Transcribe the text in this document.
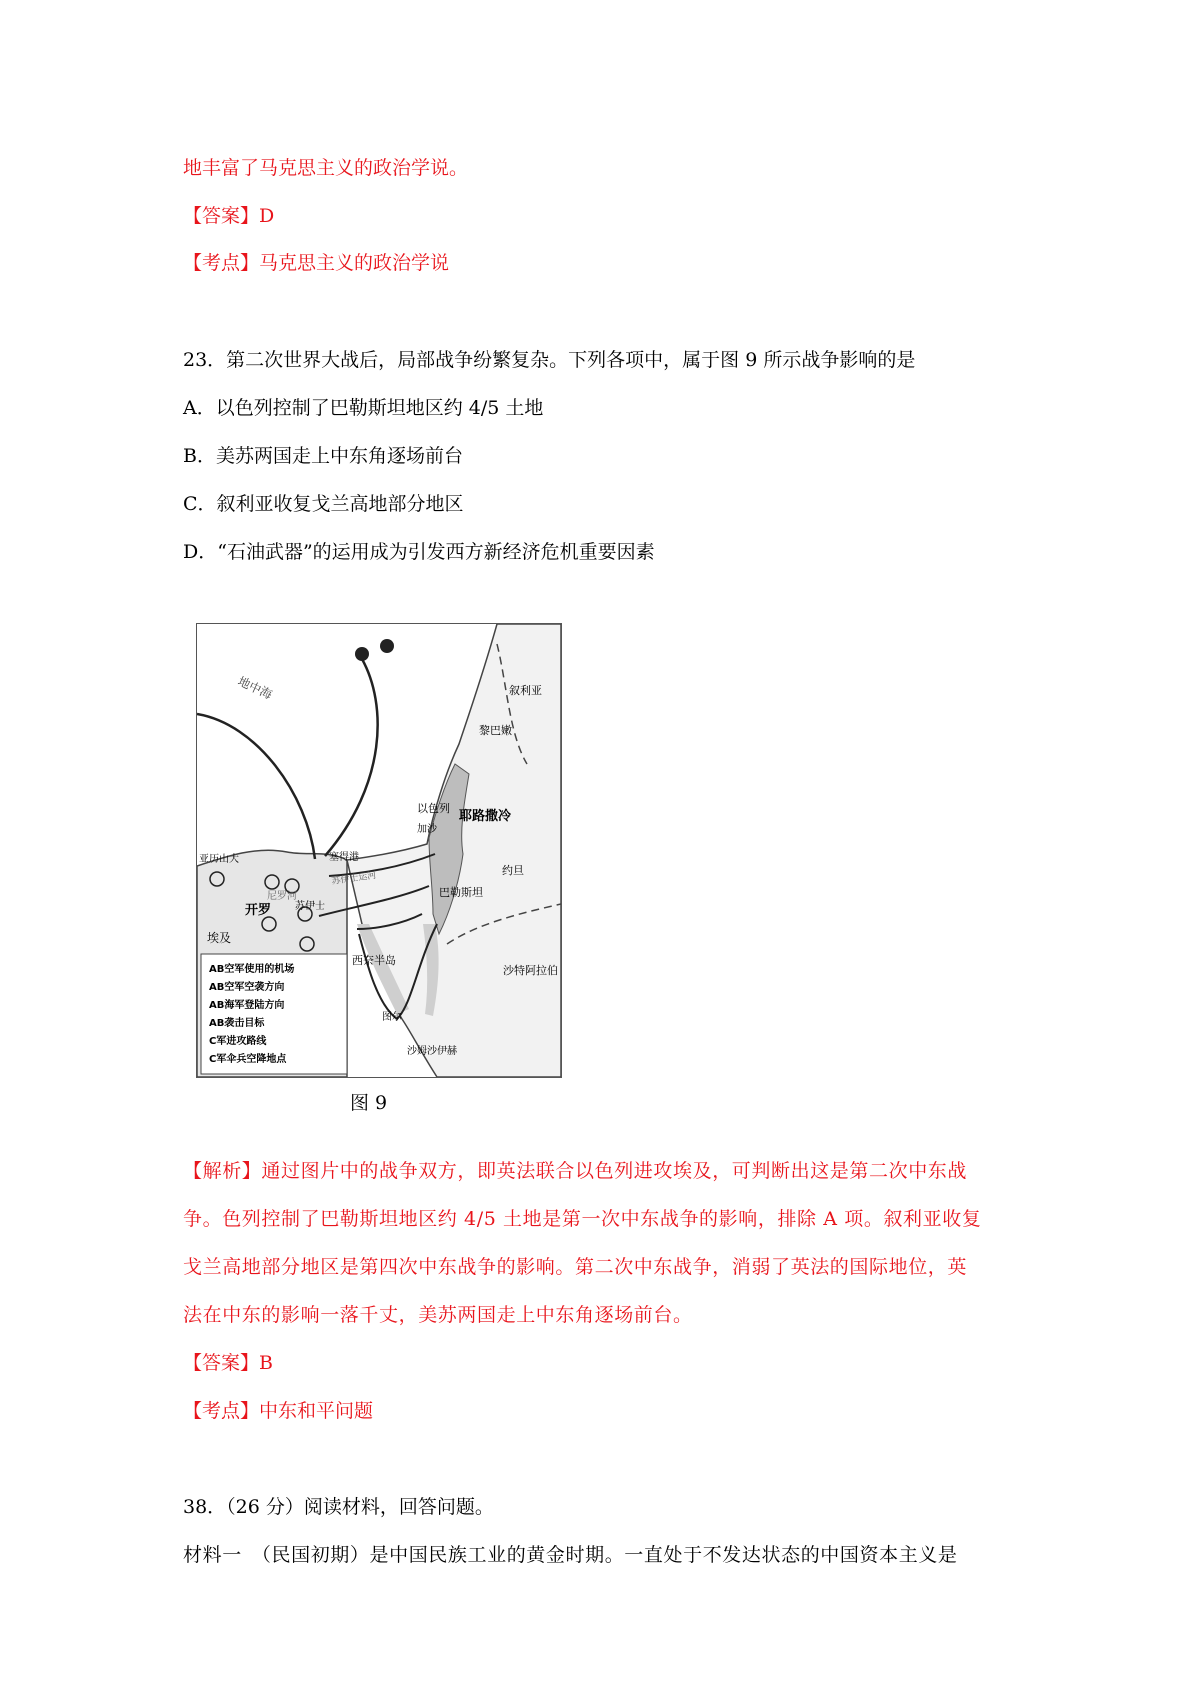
地丰富了马克思主义的政治学说。
【答案】D
【考点】马克思主义的政治学说
23．第二次世界大战后，局部战争纷繁复杂。下列各项中，属于图 9 所示战争影响的是
A．以色列控制了巴勒斯坦地区约 4/5 土地
B．美苏两国走上中东角逐场前台
C．叙利亚收复戈兰高地部分地区
D．“石油武器”的运用成为引发西方新经济危机重要因素
地中海
亚历山大	塞得港
开罗 苏伊士
加沙
耶路撒冷
苏伊士运河
图尔
沙姆沙伊赫
约旦
叙利亚
黎巴嫩
沙特阿拉伯
以色列
巴勒斯坦
埃及
西奈半岛
尼罗河
AB空军使用的机场
AB空军空袭方向
AB海军登陆方向
AB袭击目标
C军进攻路线
C军伞兵空降地点
图 9
【解析】通过图片中的战争双方，即英法联合以色列进攻埃及，可判断出这是第二次中东战
争。色列控制了巴勒斯坦地区约 4/5 土地是第一次中东战争的影响，排除 A 项。叙利亚收复
戈兰高地部分地区是第四次中东战争的影响。第二次中东战争，消弱了英法的国际地位，英
法在中东的影响一落千丈，美苏两国走上中东角逐场前台。
【答案】B
【考点】中东和平问题
38．（26 分）阅读材料，回答问题。
材料一　（民国初期）是中国民族工业的黄金时期。一直处于不发达状态的中国资本主义是
